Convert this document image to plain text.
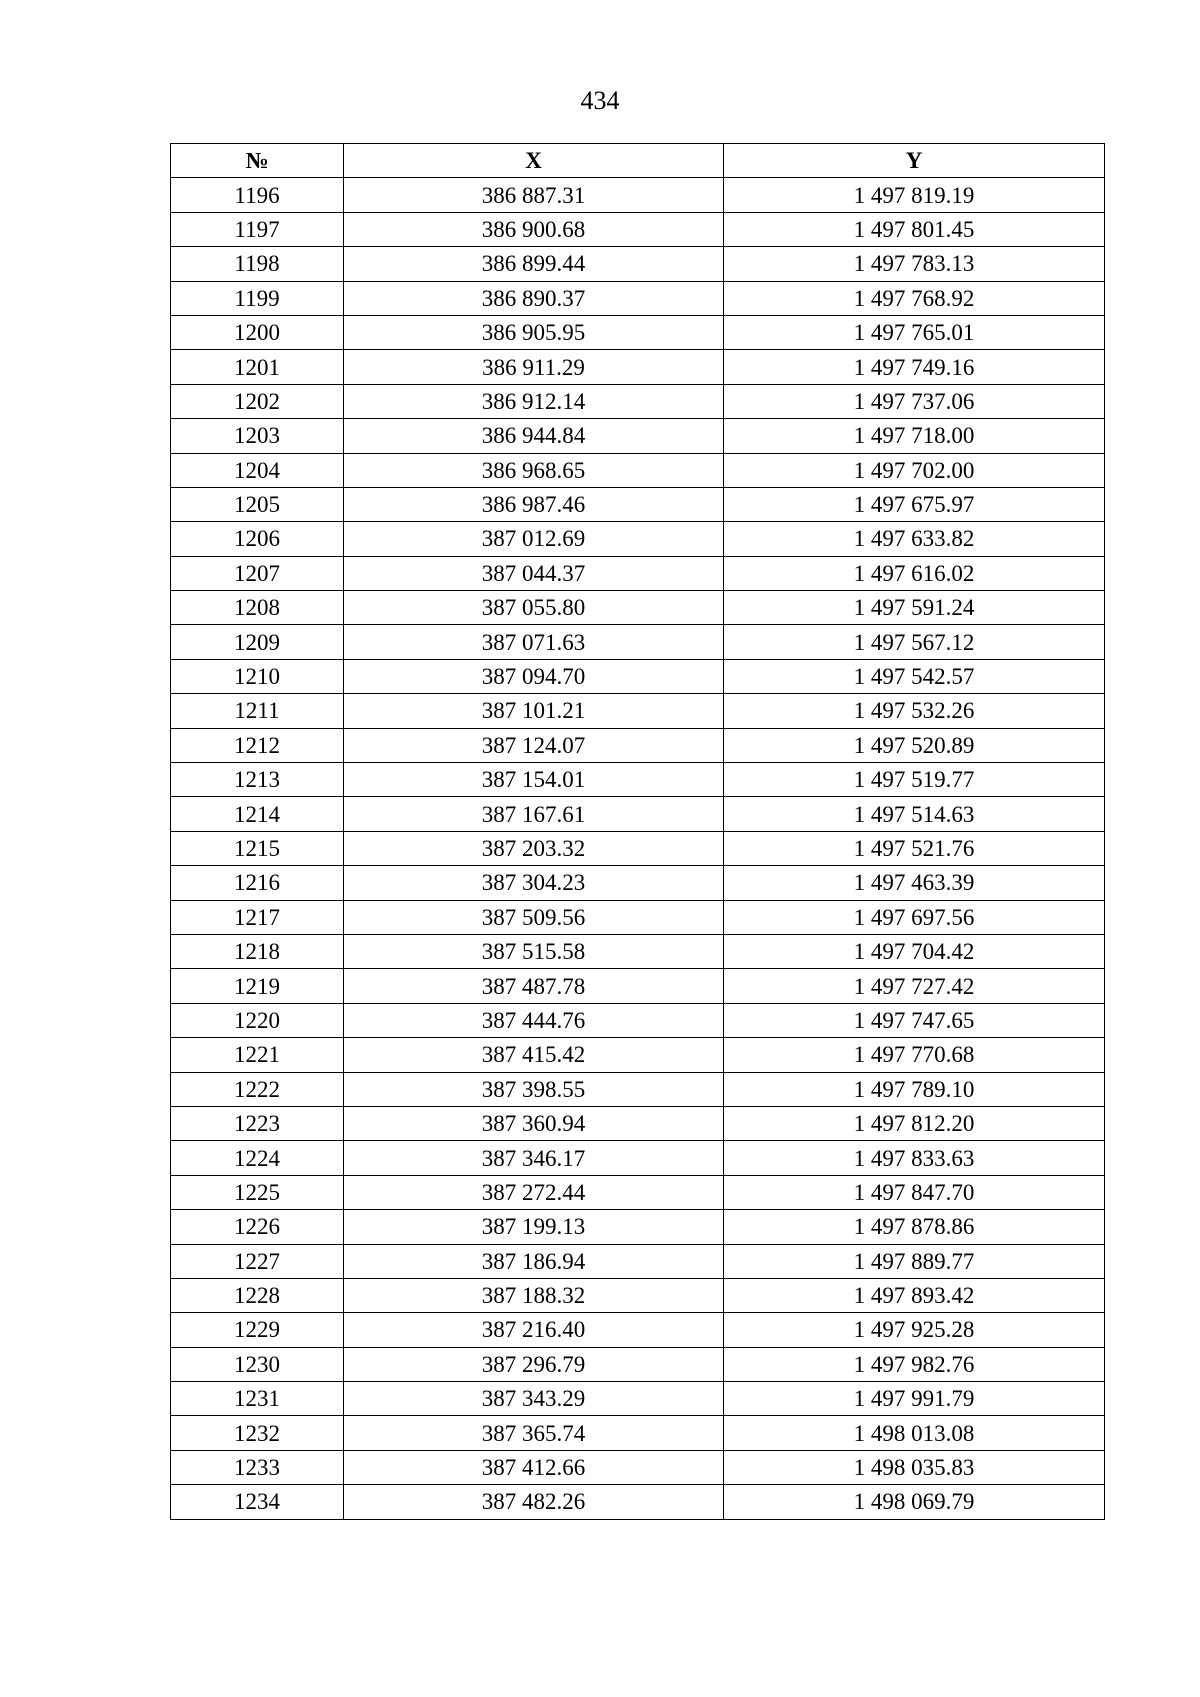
434
№	X	Y
1196	386 887.31	1 497 819.19
1197	386 900.68	1 497 801.45
1198	386 899.44	1 497 783.13
1199	386 890.37	1 497 768.92
1200	386 905.95	1 497 765.01
1201	386 911.29	1 497 749.16
1202	386 912.14	1 497 737.06
1203	386 944.84	1 497 718.00
1204	386 968.65	1 497 702.00
1205	386 987.46	1 497 675.97
1206	387 012.69	1 497 633.82
1207	387 044.37	1 497 616.02
1208	387 055.80	1 497 591.24
1209	387 071.63	1 497 567.12
1210	387 094.70	1 497 542.57
1211	387 101.21	1 497 532.26
1212	387 124.07	1 497 520.89
1213	387 154.01	1 497 519.77
1214	387 167.61	1 497 514.63
1215	387 203.32	1 497 521.76
1216	387 304.23	1 497 463.39
1217	387 509.56	1 497 697.56
1218	387 515.58	1 497 704.42
1219	387 487.78	1 497 727.42
1220	387 444.76	1 497 747.65
1221	387 415.42	1 497 770.68
1222	387 398.55	1 497 789.10
1223	387 360.94	1 497 812.20
1224	387 346.17	1 497 833.63
1225	387 272.44	1 497 847.70
1226	387 199.13	1 497 878.86
1227	387 186.94	1 497 889.77
1228	387 188.32	1 497 893.42
1229	387 216.40	1 497 925.28
1230	387 296.79	1 497 982.76
1231	387 343.29	1 497 991.79
1232	387 365.74	1 498 013.08
1233	387 412.66	1 498 035.83
1234	387 482.26	1 498 069.79
